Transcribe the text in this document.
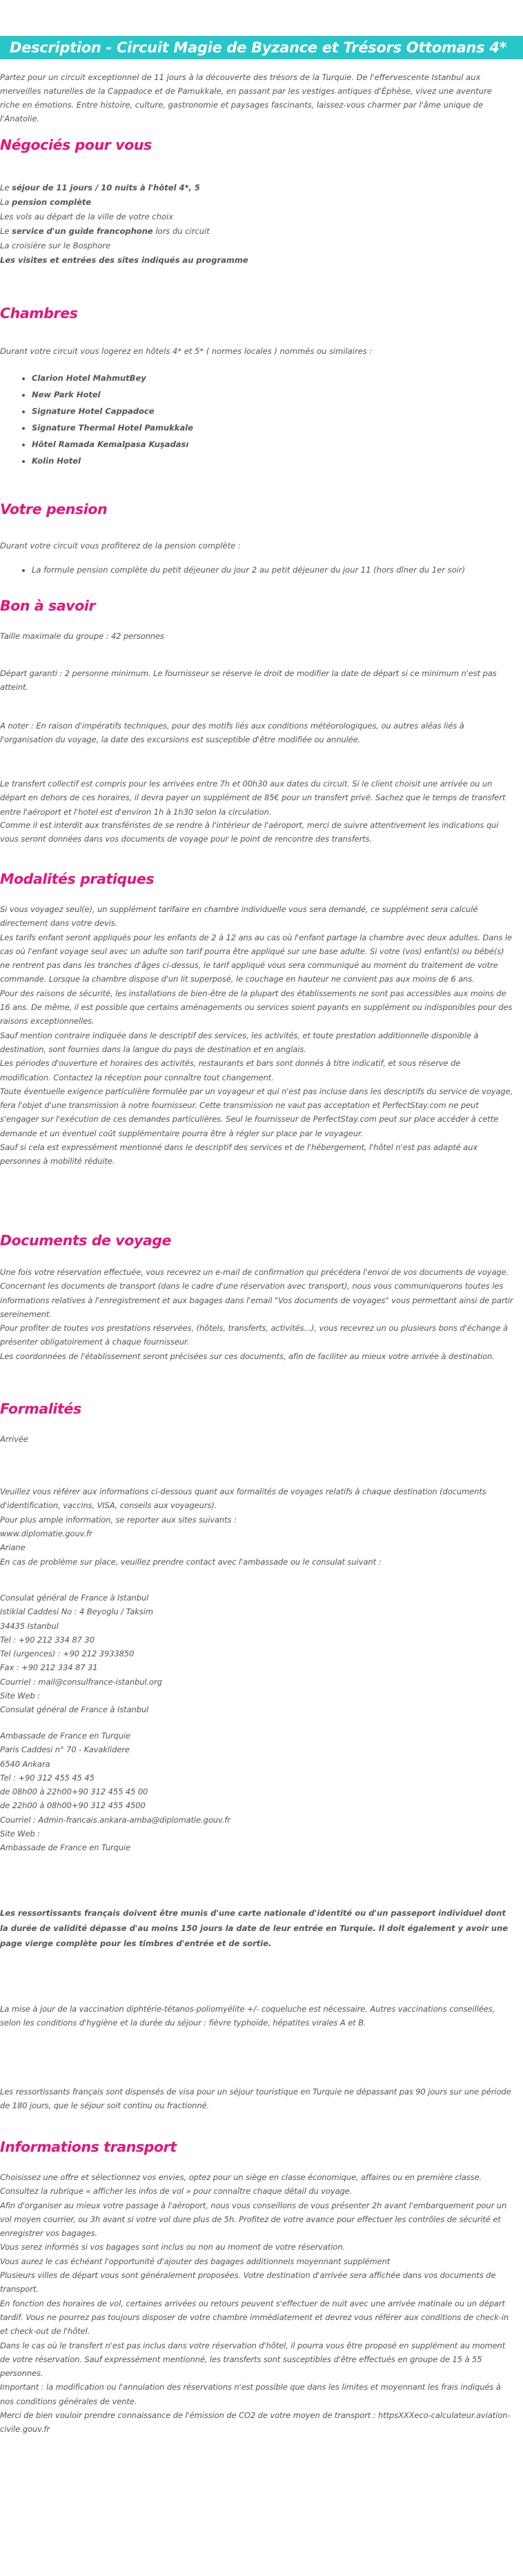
Description - Circuit Magie de Byzance et Trésors Ottomans 4*

Partez pour un circuit exceptionnel de 11 jours à la découverte des trésors de la Turquie. De l'effervescente Istanbul aux merveilles naturelles de la Cappadoce et de Pamukkale, en passant par les vestiges antiques d'Éphèse, vivez une aventure riche en émotions. Entre histoire, culture, gastronomie et paysages fascinants, laissez-vous charmer par l'âme unique de l'Anatolie.

Négociés pour vous
Le séjour de 11 jours / 10 nuits à l'hôtel 4*, 5
La pension complète
Les vols au départ de la ville de votre choix
Le service d'un guide francophone lors du circuit
La croisière sur le Bosphore
Les visites et entrées des sites indiqués au programme
Chambres

Durant votre circuit vous logerez en hôtels 4* et 5* ( normes locales ) nommés ou similaires :

• Clarion Hotel MahmutBey
• New Park Hotel
• Signature Hotel Cappadoce
• Signature Thermal Hotel Pamukkale
• Hôtel Ramada Kemalpasa Kuşadası
• Kolin Hotel
Votre pension

Durant votre circuit vous profiterez de la pension complète :

• La formule pension complète du petit déjeuner du jour 2 au petit déjeuner du jour 11 (hors dîner du 1er soir)
Bon à savoir

Taille maximale du groupe : 42 personnes

Départ garanti : 2 personne minimum. Le fournisseur se réserve le droit de modifier la date de départ si ce minimum n'est pas atteint.

A noter : En raison d'impératifs techniques, pour des motifs liés aux conditions météorologiques, ou autres aléas liés à l'organisation du voyage, la date des excursions est susceptible d'être modifiée ou annulée.

Le transfert collectif est compris pour les arrivées entre 7h et 00h30 aux dates du circuit. Si le client choisit une arrivée ou un départ en dehors de ces horaires, il devra payer un supplément de 85€ pour un transfert privé. Sachez que le temps de transfert entre l'aéroport et l'hotel est d'environ 1h à 1h30 selon la circulation.

Comme il est interdit aux transféristes de se rendre à l'intérieur de l'aéroport, merci de suivre attentivement les indications qui vous seront données dans vos documents de voyage pour le point de rencontre des transferts.

Modalités pratiques

Si vous voyagez seul(e), un supplément tarifaire en chambre individuelle vous sera demandé, ce supplément sera calculé directement dans votre devis.
Les tarifs enfant seront appliqués pour les enfants de 2 à 12 ans au cas où l'enfant partage la chambre avec deux adultes. Dans le cas où l'enfant voyage seul avec un adulte son tarif pourra être appliqué sur une base adulte. Si votre (vos) enfant(s) ou bébé(s) ne rentrent pas dans les tranches d'âges ci-dessus, le tarif appliqué vous sera communiqué au moment du traitement de votre commande. Lorsque la chambre dispose d'un lit superposé, le couchage en hauteur ne convient pas aux moins de 6 ans.
Pour des raisons de sécurité, les installations de bien-être de la plupart des établissements ne sont pas accessibles aux moins de 16 ans. De même, il est possible que certains aménagements ou services soient payants en supplément ou indisponibles pour des raisons exceptionnelles.
Sauf mention contraire indiquée dans le descriptif des services, les activités, et toute prestation additionnelle disponible à destination, sont fournies dans la langue du pays de destination et en anglais.
Les périodes d'ouverture et horaires des activités, restaurants et bars sont donnés à titre indicatif, et sous réserve de modification. Contactez la réception pour connaître tout changement.
Toute éventuelle exigence particulière formulée par un voyageur et qui n'est pas incluse dans les descriptifs du service de voyage, fera l'objet d'une transmission à notre fournisseur. Cette transmission ne vaut pas acceptation et PerfectStay.com ne peut s'engager sur l'exécution de ces demandes particulières. Seul le fournisseur de PerfectStay.com peut sur place accéder à cette demande et un éventuel coût supplémentaire pourra être à régler sur place par le voyageur.
Sauf si cela est expressément mentionné dans le descriptif des services et de l'hébergement, l'hôtel n'est pas adapté aux personnes à mobilité réduite.

Documents de voyage

Une fois votre réservation effectuée, vous recevrez un e-mail de confirmation qui précédera l'envoi de vos documents de voyage.
Concernant les documents de transport (dans le cadre d'une réservation avec transport), nous vous communiquerons toutes les informations relatives à l'enregistrement et aux bagages dans l'email "Vos documents de voyages" vous permettant ainsi de partir sereinement.
Pour profiter de toutes vos prestations réservées, (hôtels, transferts, activités...), vous recevrez un ou plusieurs bons d'échange à présenter obligatoirement à chaque fournisseur.
Les coordonnées de l'établissement seront précisées sur ces documents, afin de faciliter au mieux votre arrivée à destination.

Formalités

Arrivée

Veuillez vous référer aux informations ci-dessous quant aux formalités de voyages relatifs à chaque destination (documents d'identification, vaccins, VISA, conseils aux voyageurs).
Pour plus ample information, se reporter aux sites suivants :
www.diplomatie.gouv.fr
Ariane

En cas de problème sur place, veuillez prendre contact avec l'ambassade ou le consulat suivant :

Consulat général de France à Istanbul
Istiklal Caddesi No : 4 Beyoglu / Taksim
34435 Istanbul
Tel : +90 212 334 87 30
Tel (urgences) : +90 212 3933850
Fax : +90 212 334 87 31
Courriel : mail@consulfrance-istanbul.org
Site Web :
Consulat général de France à Istanbul

Ambassade de France en Turquie
Paris Caddesi n° 70 - Kavaklidere
6540 Ankara
Tel : +90 312 455 45 45
de 08h00 à 22h00+90 312 455 45 00
de 22h00 à 08h00+90 312 455 4500
Courriel : Admin-francais.ankara-amba@diplomatie.gouv.fr
Site Web :
Ambassade de France en Turquie

Les ressortissants français doivent être munis d'une carte nationale d'identité ou d'un passeport individuel dont la durée de validité dépasse d'au moins 150 jours la date de leur entrée en Turquie. Il doit également y avoir une page vierge complète pour les timbres d'entrée et de sortie.

La mise à jour de la vaccination diphtérie-tétanos-poliomyélite +/- coqueluche est nécessaire. Autres vaccinations conseillées, selon les conditions d'hygiène et la durée du séjour : fièvre typhoïde, hépatites virales A et B.

Les ressortissants français sont dispensés de visa pour un séjour touristique en Turquie ne dépassant pas 90 jours sur une période de 180 jours, que le séjour soit continu ou fractionné.

Informations transport

Choisissez une offre et sélectionnez vos envies, optez pour un siège en classe économique, affaires ou en première classe. Consultez la rubrique « afficher les infos de vol » pour connaître chaque détail du voyage.
Afin d'organiser au mieux votre passage à l'aéroport, nous vous conseillons de vous présenter 2h avant l'embarquement pour un vol moyen courrier, ou 3h avant si votre vol dure plus de 5h. Profitez de votre avance pour effectuer les contrôles de sécurité et enregistrer vos bagages.
Vous serez informés si vos bagages sont inclus ou non au moment de votre réservation.
Vous aurez le cas échéant l'opportunité d'ajouter des bagages additionnels moyennant supplément
Plusieurs villes de départ vous sont généralement proposées. Votre destination d'arrivée sera affichée dans vos documents de transport.
En fonction des horaires de vol, certaines arrivées ou retours peuvent s'effectuer de nuit avec une arrivée matinale ou un départ tardif. Vous ne pourrez pas toujours disposer de votre chambre immédiatement et devrez vous référer aux conditions de check-in et check-out de l'hôtel.
Dans le cas où le transfert n'est pas inclus dans votre réservation d'hôtel, il pourra vous être proposé en supplément au moment de votre réservation. Sauf expressément mentionné, les transferts sont susceptibles d'être effectués en groupe de 15 à 55 personnes.
Important : la modification ou l'annulation des réservations n'est possible que dans les limites et moyennant les frais indiqués à nos conditions générales de vente.
Merci de bien vouloir prendre connaissance de l'émission de CO2 de votre moyen de transport : httpsXXXeco-calculateur.aviation-civile.gouv.fr
